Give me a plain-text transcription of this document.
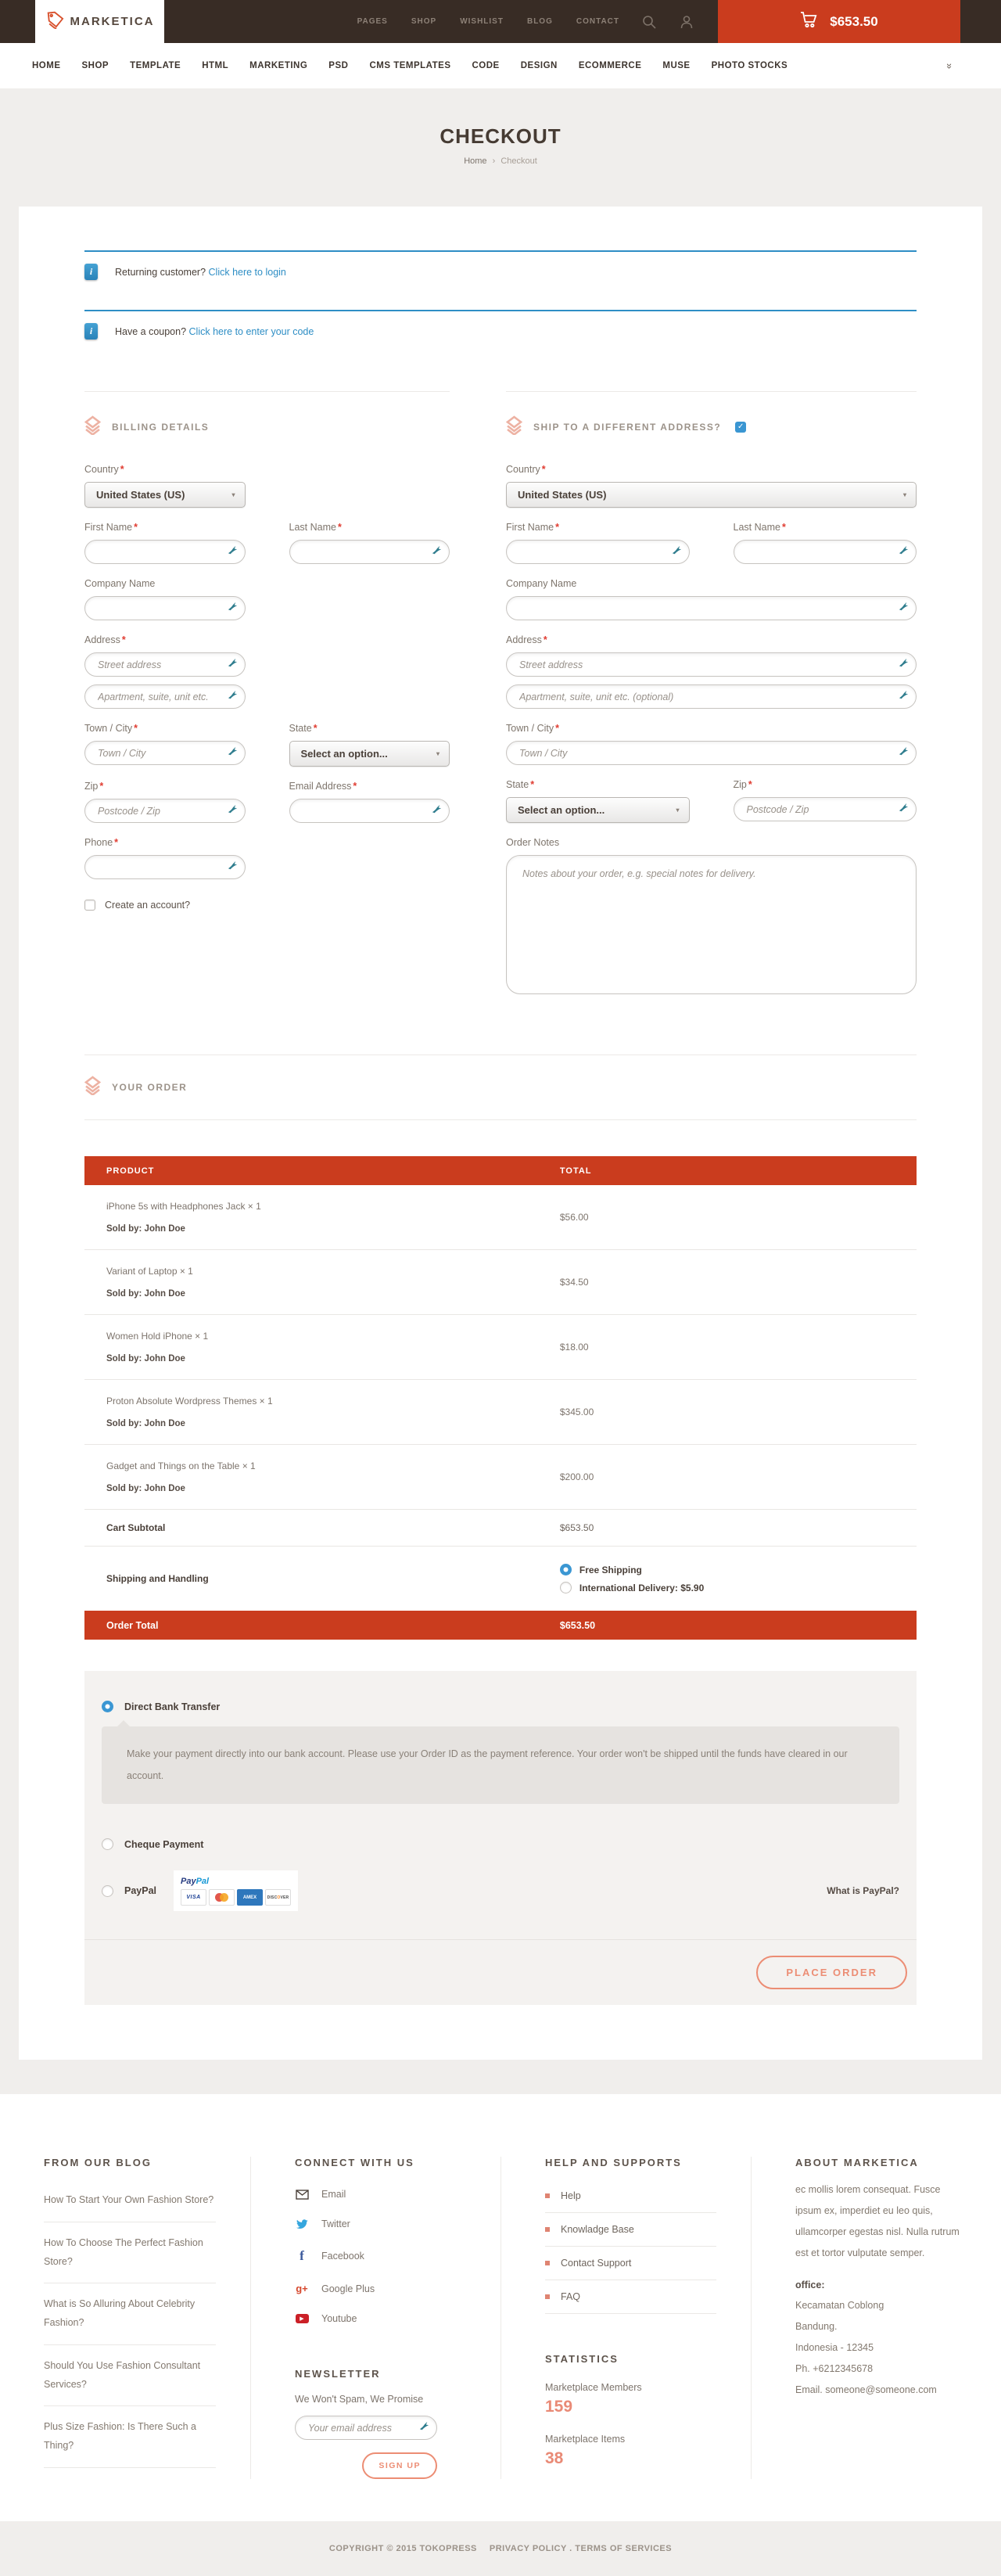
MARKETICA	PAGES	SHOP	WISHLIST	BLOG	CONTACT	$653.50
HOME SHOP TEMPLATE HTML MARKETING PSD CMS TEMPLATES CODE DESIGN ECOMMERCE MUSE PHOTO STOCKS	»
CHECKOUT
Home › Checkout
i	Returning customer? Click here to login
i	Have a coupon? Click here to enter your code
BILLING DETAILS
Country *
United States (US)	▾
First Name *	Last Name *
Company Name
Address *
Street address
Apartment, suite, unit etc.
Town / City *
Town / City	State *
Select an option...	▾
Zip *
Postcode / Zip	Email Address *
Phone *
Create an account?
SHIP TO A DIFFERENT ADDRESS? ✓
Country *
United States (US)	▾
First Name *	Last Name *
Company Name
Address *
Street address
Apartment, suite, unit etc. (optional)
Town / City *
Town / City
State *
Select an option...	▾
Zip *
Postcode / Zip
Order Notes
Notes about your order, e.g. special notes for delivery.
YOUR ORDER
PRODUCT	TOTAL
iPhone 5s with Headphones Jack × 1
Sold by: John Doe
$56.00
Variant of Laptop × 1
Sold by: John Doe
$34.50
Women Hold iPhone × 1
Sold by: John Doe
$18.00
Proton Absolute Wordpress Themes × 1
Sold by: John Doe
$345.00
Gadget and Things on the Table × 1
Sold by: John Doe
$200.00
Cart Subtotal	$653.50
Shipping and Handling
Free Shipping
International Delivery: $5.90
Order Total	$653.50
Direct Bank Transfer
Make your payment directly into our bank account. Please use your Order ID as the payment reference. Your order won't be shipped until the funds have cleared in our account.
Cheque Payment
PayPal
PayPal
VISA	AMEX	DISCOVER
What is PayPal?
PLACE ORDER
FROM OUR BLOG
How To Start Your Own Fashion Store?
How To Choose The Perfect Fashion Store?
What is So Alluring About Celebrity Fashion?
Should You Use Fashion Consultant Services?
Plus Size Fashion: Is There Such a Thing?
CONNECT WITH US
Email
Twitter
f Facebook
g+ Google Plus
▶	Youtube
NEWSLETTER
We Won't Spam, We Promise
Your email address
SIGN UP
HELP AND SUPPORTS
Help
Knowladge Base
Contact Support
FAQ
STATISTICS
Marketplace Members
159
Marketplace Items
38
ABOUT MARKETICA

ec mollis lorem consequat. Fusce ipsum ex, imperdiet eu leo quis, ullamcorper egestas nisl. Nulla rutrum est et tortor vulputate semper.

office:
Kecamatan Coblong
Bandung.
Indonesia - 12345
Ph. +6212345678
Email. someone@someone.com
COPYRIGHT © 2015 TOKOPRESS PRIVACY POLICY . TERMS OF SERVICES
